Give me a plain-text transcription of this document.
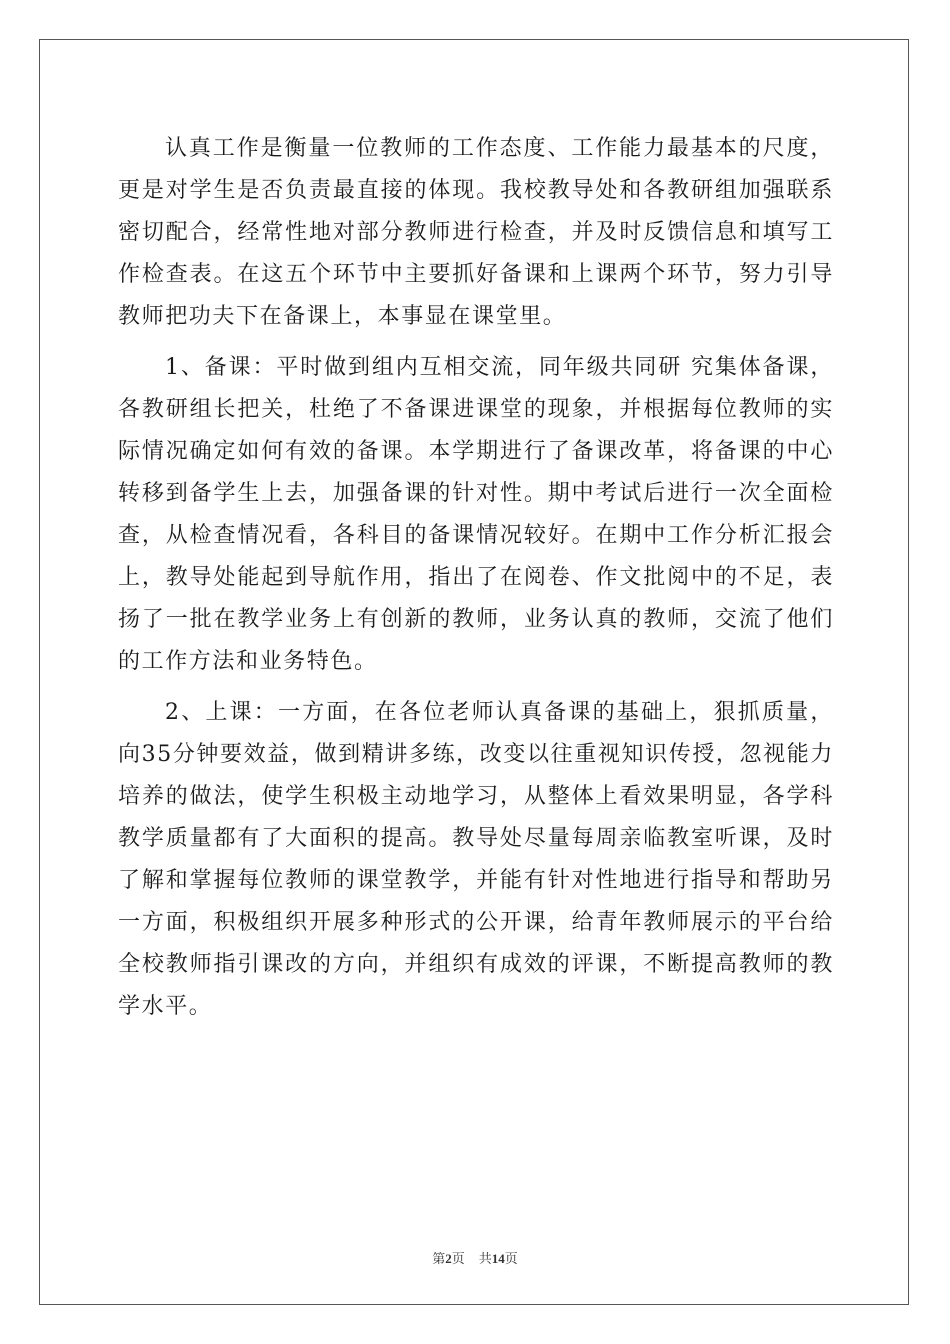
认真工作是衡量一位教师的工作态度、工作能力最基本的尺度，更是对学生是否负责最直接的体现。我校教导处和各教研组加强联系密切配合，经常性地对部分教师进行检查，并及时反馈信息和填写工作检查表。在这五个环节中主要抓好备课和上课两个环节，努力引导教师把功夫下在备课上，本事显在课堂里。

1、备课：平时做到组内互相交流，同年级共同研 究集体备课，各教研组长把关，杜绝了不备课进课堂的现象，并根据每位教师的实际情况确定如何有效的备课。本学期进行了备课改革，将备课的中心转移到备学生上去，加强备课的针对性。期中考试后进行一次全面检查，从检查情况看，各科目的备课情况较好。在期中工作分析汇报会上，教导处能起到导航作用，指出了在阅卷、作文批阅中的不足，表扬了一批在教学业务上有创新的教师，业务认真的教师，交流了他们的工作方法和业务特色。

2、上课：一方面，在各位老师认真备课的基础上，狠抓质量，向35分钟要效益，做到精讲多练，改变以往重视知识传授，忽视能力培养的做法，使学生积极主动地学习，从整体上看效果明显，各学科教学质量都有了大面积的提高。教导处尽量每周亲临教室听课，及时了解和掌握每位教师的课堂教学，并能有针对性地进行指导和帮助另一方面，积极组织开展多种形式的公开课，给青年教师展示的平台给全校教师指引课改的方向，并组织有成效的评课，不断提高教师的教学水平。

第2页 共14页
